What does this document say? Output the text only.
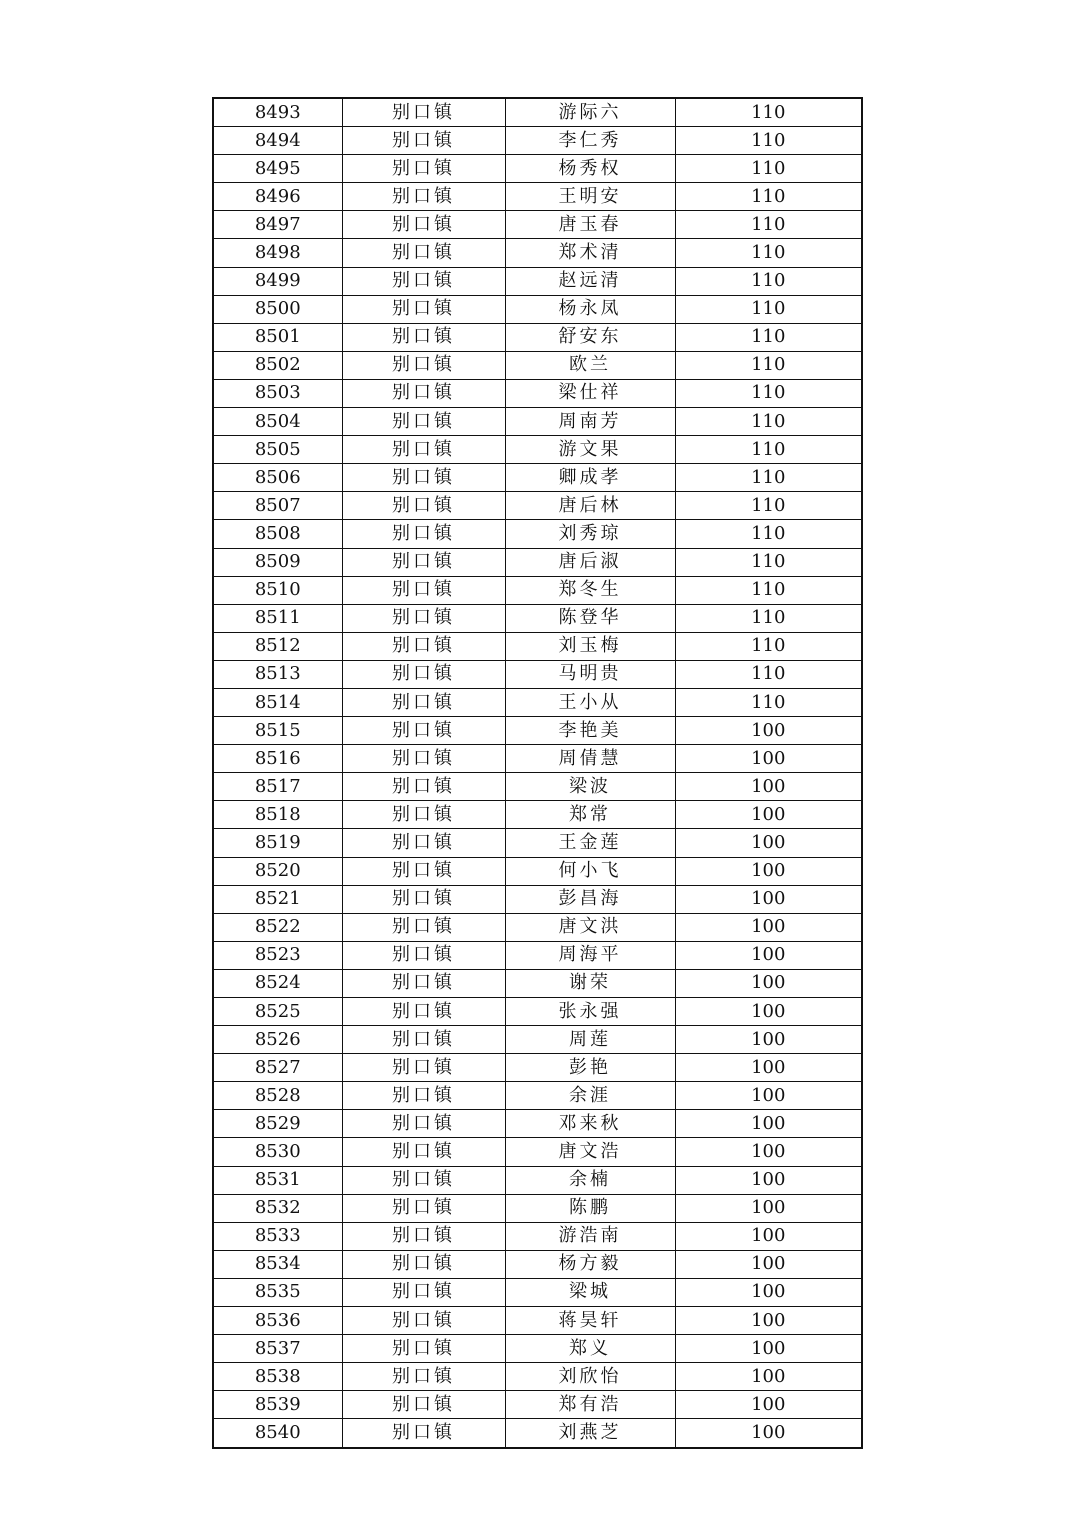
8493	别口镇	游际六	110
8494	别口镇	李仁秀	110
8495	别口镇	杨秀权	110
8496	别口镇	王明安	110
8497	别口镇	唐玉春	110
8498	别口镇	郑术清	110
8499	别口镇	赵远清	110
8500	别口镇	杨永凤	110
8501	别口镇	舒安东	110
8502	别口镇	欧兰	110
8503	别口镇	梁仕祥	110
8504	别口镇	周南芳	110
8505	别口镇	游文果	110
8506	别口镇	卿成孝	110
8507	别口镇	唐后林	110
8508	别口镇	刘秀琼	110
8509	别口镇	唐后淑	110
8510	别口镇	郑冬生	110
8511	别口镇	陈登华	110
8512	别口镇	刘玉梅	110
8513	别口镇	马明贵	110
8514	别口镇	王小从	110
8515	别口镇	李艳美	100
8516	别口镇	周倩慧	100
8517	别口镇	梁波	100
8518	别口镇	郑常	100
8519	别口镇	王金莲	100
8520	别口镇	何小飞	100
8521	别口镇	彭昌海	100
8522	别口镇	唐文洪	100
8523	别口镇	周海平	100
8524	别口镇	谢荣	100
8525	别口镇	张永强	100
8526	别口镇	周莲	100
8527	别口镇	彭艳	100
8528	别口镇	余涯	100
8529	别口镇	邓来秋	100
8530	别口镇	唐文浩	100
8531	别口镇	余楠	100
8532	别口镇	陈鹏	100
8533	别口镇	游浩南	100
8534	别口镇	杨方毅	100
8535	别口镇	梁城	100
8536	别口镇	蒋昊轩	100
8537	别口镇	郑义	100
8538	别口镇	刘欣怡	100
8539	别口镇	郑有浩	100
8540	别口镇	刘燕芝	100
